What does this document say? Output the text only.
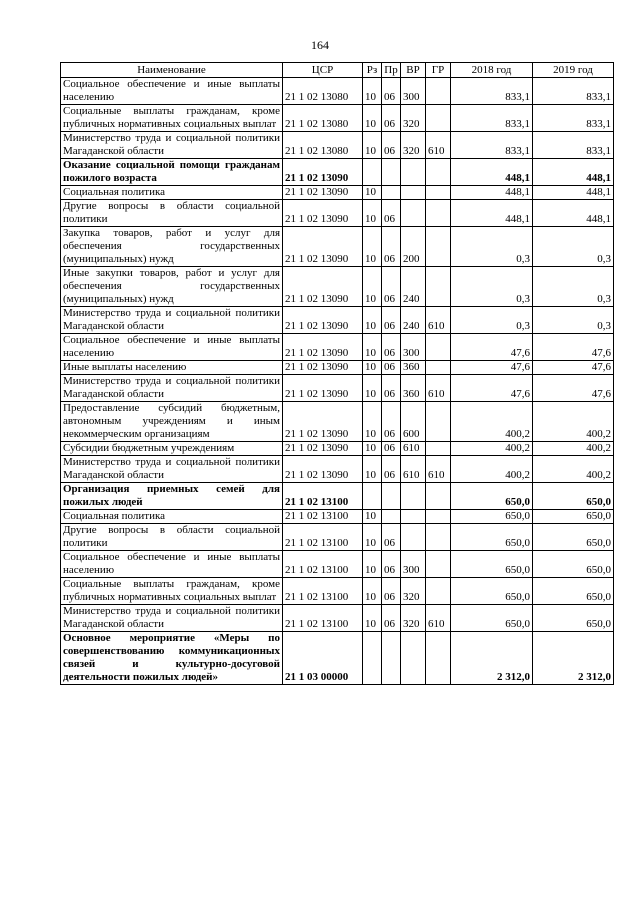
164
Наименование	ЦСР	Рз	Пр	ВР	ГР	2018 год	2019 год
Социальное обеспечение и иные выплаты населению	21 1 02 13080	10	06	300		833,1	833,1
Социальные выплаты гражданам, кроме публичных нормативных социальных выплат	21 1 02 13080	10	06	320		833,1	833,1
Министерство труда и социальной политики Магаданской области	21 1 02 13080	10	06	320	610	833,1	833,1
Оказание социальной помощи гражданам пожилого возраста	21 1 02 13090					448,1	448,1
Социальная политика	21 1 02 13090	10				448,1	448,1
Другие вопросы в области социальной политики	21 1 02 13090	10	06			448,1	448,1
Закупка товаров, работ и услуг для обеспечения государственных (муниципальных) нужд	21 1 02 13090	10	06	200		0,3	0,3
Иные закупки товаров, работ и услуг для обеспечения государственных (муниципальных) нужд	21 1 02 13090	10	06	240		0,3	0,3
Министерство труда и социальной политики Магаданской области	21 1 02 13090	10	06	240	610	0,3	0,3
Социальное обеспечение и иные выплаты населению	21 1 02 13090	10	06	300		47,6	47,6
Иные выплаты населению	21 1 02 13090	10	06	360		47,6	47,6
Министерство труда и социальной политики Магаданской области	21 1 02 13090	10	06	360	610	47,6	47,6
Предоставление субсидий бюджетным, автономным учреждениям и иным некоммерческим организациям	21 1 02 13090	10	06	600		400,2	400,2
Субсидии бюджетным учреждениям	21 1 02 13090	10	06	610		400,2	400,2
Министерство труда и социальной политики Магаданской области	21 1 02 13090	10	06	610	610	400,2	400,2
Организация приемных семей для пожилых людей	21 1 02 13100					650,0	650,0
Социальная политика	21 1 02 13100	10				650,0	650,0
Другие вопросы в области социальной политики	21 1 02 13100	10	06			650,0	650,0
Социальное обеспечение и иные выплаты населению	21 1 02 13100	10	06	300		650,0	650,0
Социальные выплаты гражданам, кроме публичных нормативных социальных выплат	21 1 02 13100	10	06	320		650,0	650,0
Министерство труда и социальной политики Магаданской области	21 1 02 13100	10	06	320	610	650,0	650,0
Основное мероприятие «Меры по совершенствованию коммуникационных связей и культурно-досуговой деятельности пожилых людей»	21 1 03 00000					2 312,0	2 312,0
